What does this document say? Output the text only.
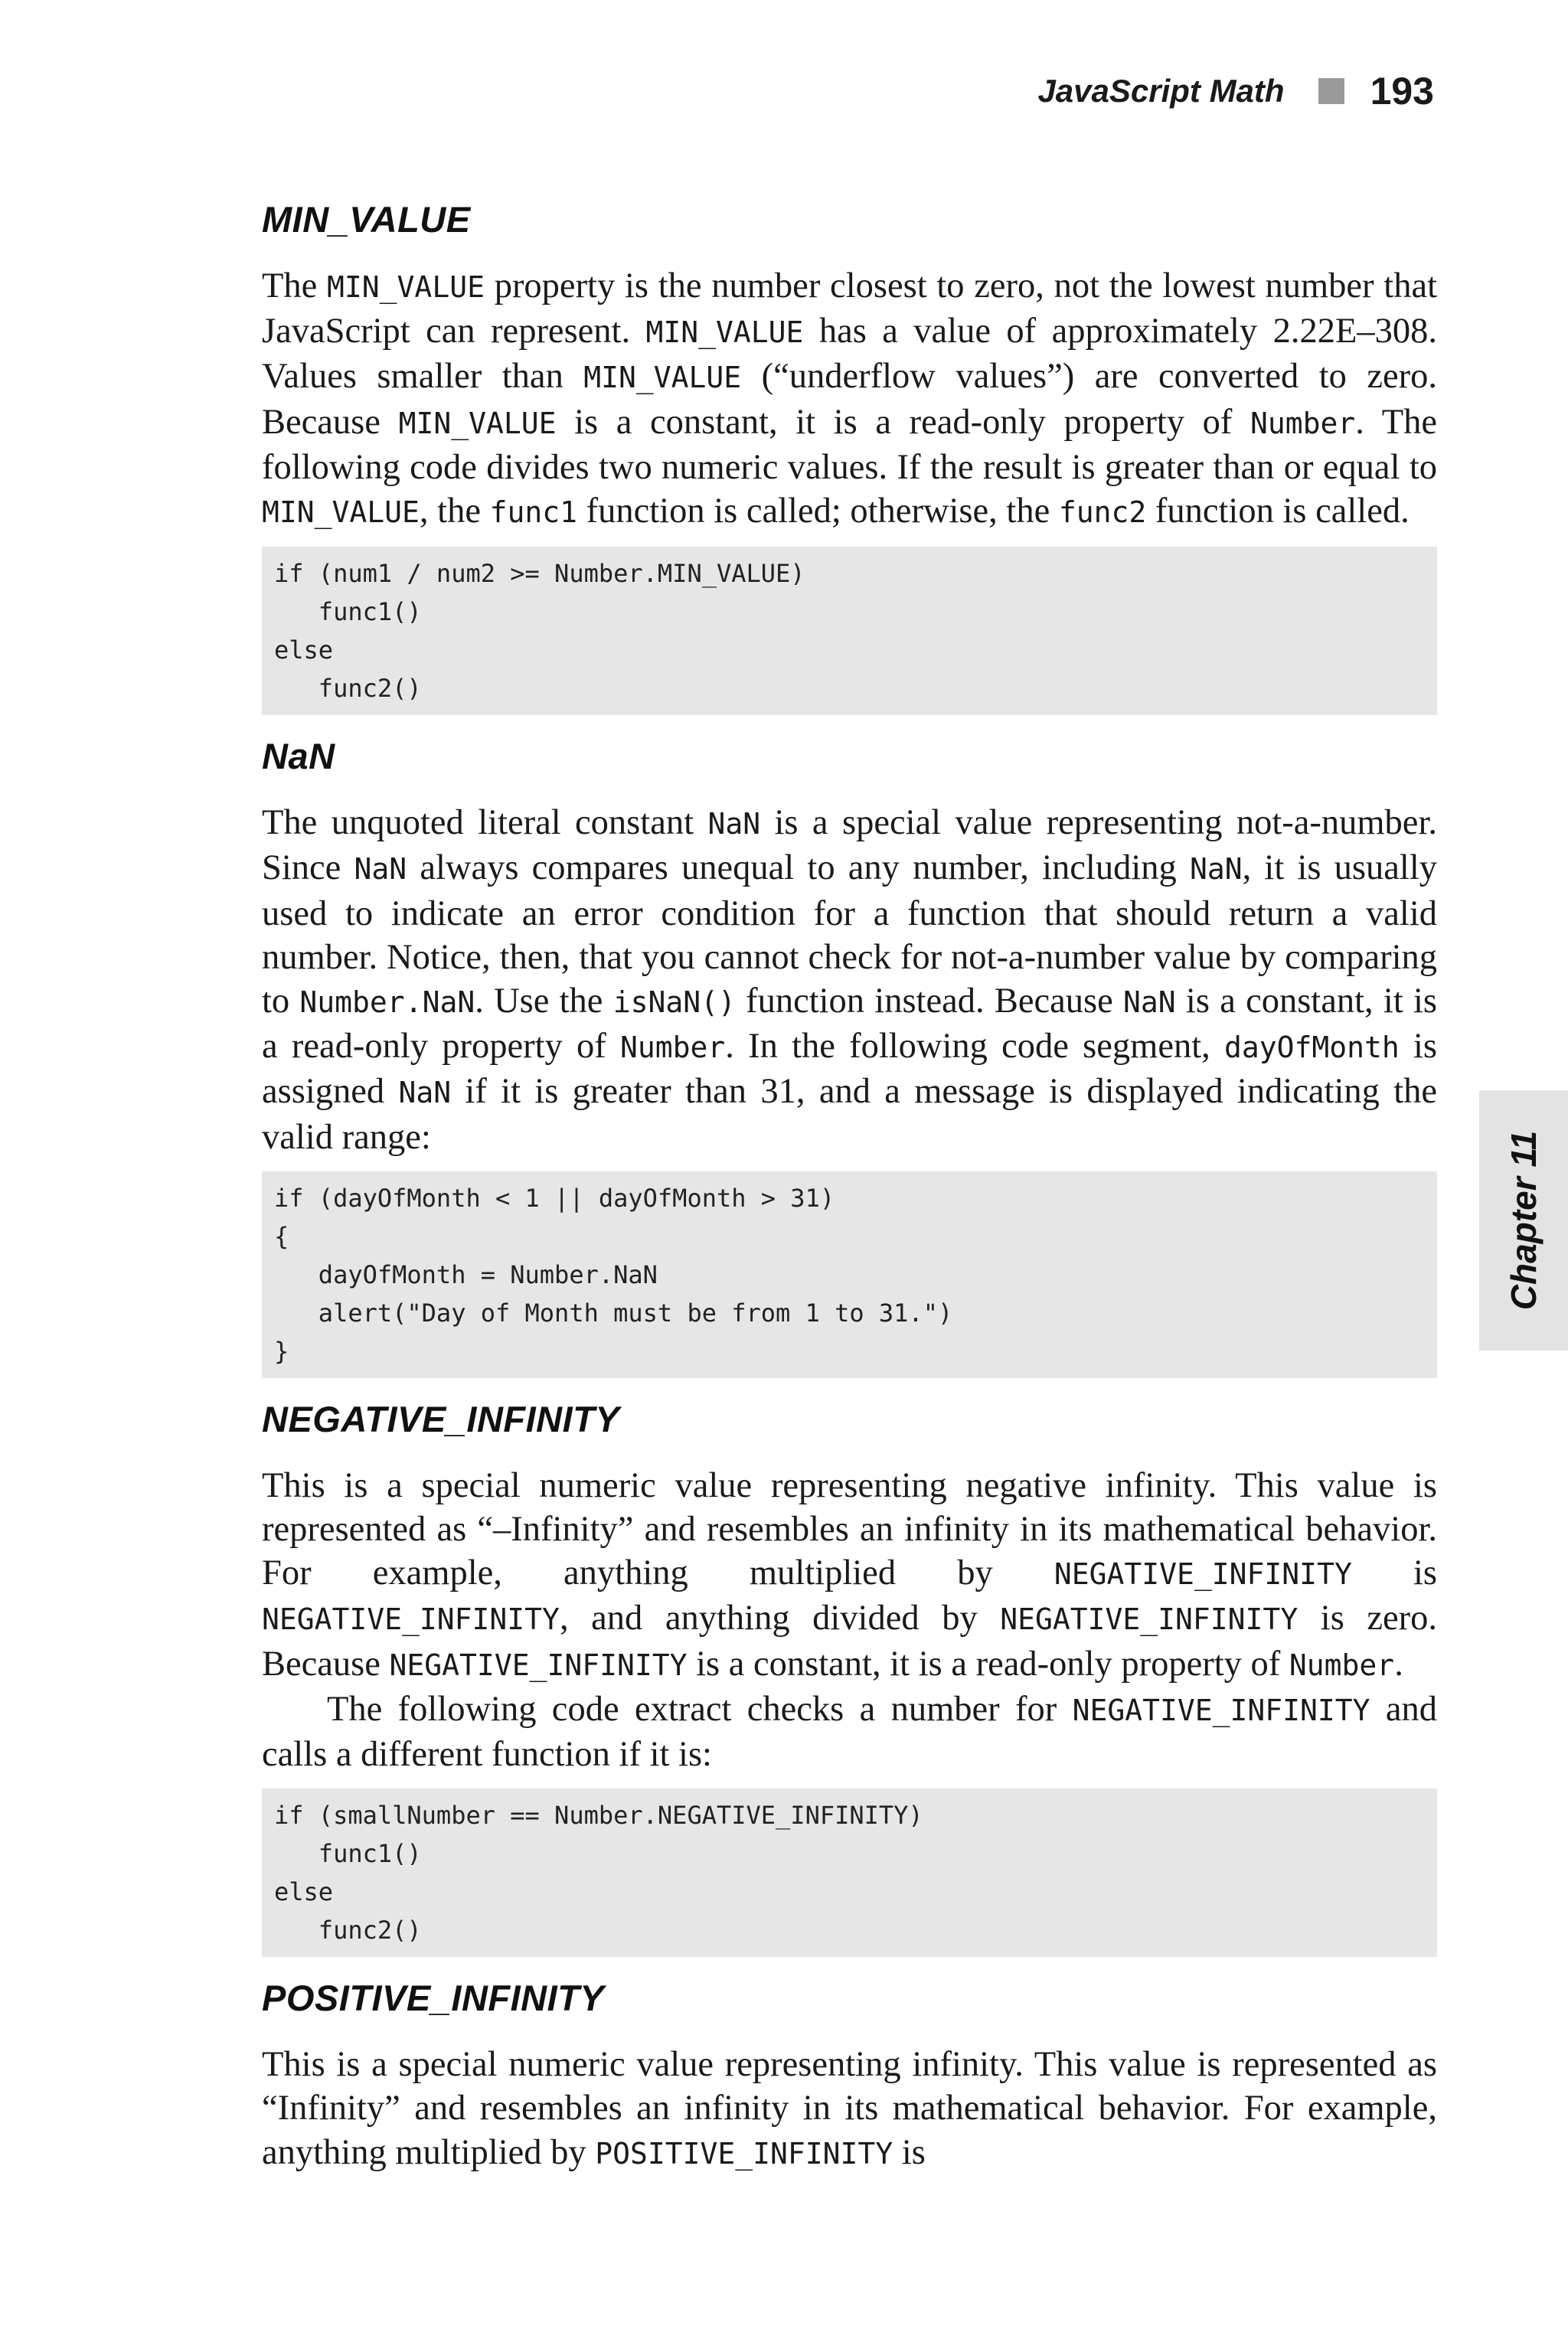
JavaScript Math 193
Chapter 11
MIN_VALUE

The MIN_VALUE property is the number closest to zero, not the lowest number that JavaScript can represent. MIN_VALUE has a value of approximately 2.22E–308. Values smaller than MIN_VALUE (“underflow values”) are converted to zero. Because MIN_VALUE is a constant, it is a read-only property of Number. The following code divides two numeric values. If the result is greater than or equal to MIN_VALUE, the func1 function is called; otherwise, the func2 function is called.

if (num1 / num2 >= Number.MIN_VALUE)
func1()
else
func2()
NaN

The unquoted literal constant NaN is a special value representing not-a-number. Since NaN always compares unequal to any number, including NaN, it is usually used to indicate an error condition for a function that should return a valid number. Notice, then, that you cannot check for not-a-number value by comparing to Number.NaN. Use the isNaN() function instead. Because NaN is a constant, it is a read-only property of Number. In the following code segment, dayOfMonth is assigned NaN if it is greater than 31, and a message is displayed indicating the valid range:

if (dayOfMonth < 1 || dayOfMonth > 31)
{
dayOfMonth = Number.NaN
alert("Day of Month must be from 1 to 31.")
}
NEGATIVE_INFINITY

This is a special numeric value representing negative infinity. This value is represented as “–Infinity” and resembles an infinity in its mathematical behavior. For example, anything multiplied by NEGATIVE_INFINITY is NEGATIVE_INFINITY, and anything divided by NEGATIVE_INFINITY is zero. Because NEGATIVE_INFINITY is a constant, it is a read-only property of Number.

The following code extract checks a number for NEGATIVE_INFINITY and calls a different function if it is:

if (smallNumber == Number.NEGATIVE_INFINITY)
func1()
else
func2()
POSITIVE_INFINITY

This is a special numeric value representing infinity. This value is represented as “Infinity” and resembles an infinity in its mathematical behavior. For example, anything multiplied by POSITIVE_INFINITY is
